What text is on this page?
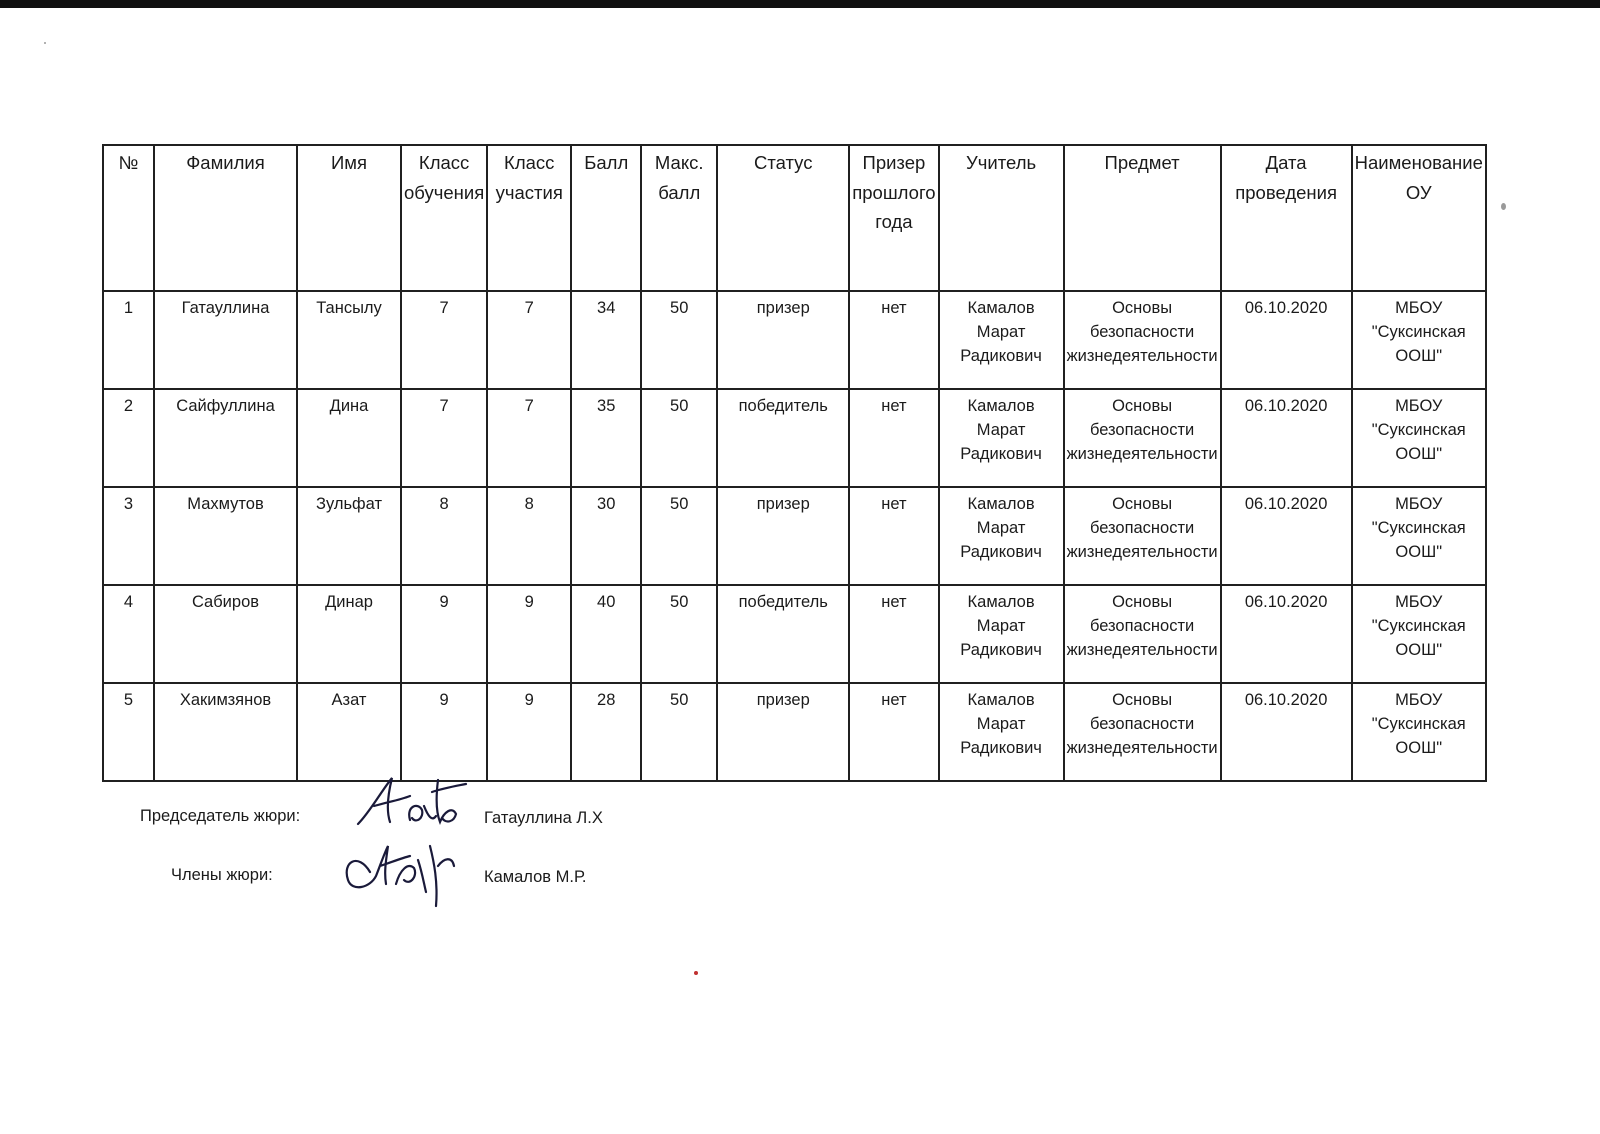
№	Фамилия	Имя	Класс обучения	Класс участия	Балл	Макс. балл	Статус	Призер прошлого года	Учитель	Предмет	Дата проведения	Наименование ОУ
1	Гатауллина	Тансылу	7	7	34	50	призер	нет	Камалов Марат Радикович	Основы безопасности жизнедеятельности	06.10.2020	МБОУ "Суксинская ООШ"
2	Сайфуллина	Дина	7	7	35	50	победитель	нет	Камалов Марат Радикович	Основы безопасности жизнедеятельности	06.10.2020	МБОУ "Суксинская ООШ"
3	Махмутов	Зульфат	8	8	30	50	призер	нет	Камалов Марат Радикович	Основы безопасности жизнедеятельности	06.10.2020	МБОУ "Суксинская ООШ"
4	Сабиров	Динар	9	9	40	50	победитель	нет	Камалов Марат Радикович	Основы безопасности жизнедеятельности	06.10.2020	МБОУ "Суксинская ООШ"
5	Хакимзянов	Азат	9	9	28	50	призер	нет	Камалов Марат Радикович	Основы безопасности жизнедеятельности	06.10.2020	МБОУ "Суксинская ООШ"
Председатель жюри:	Гатауллина Л.Х
Члены жюри:	Камалов М.Р.
